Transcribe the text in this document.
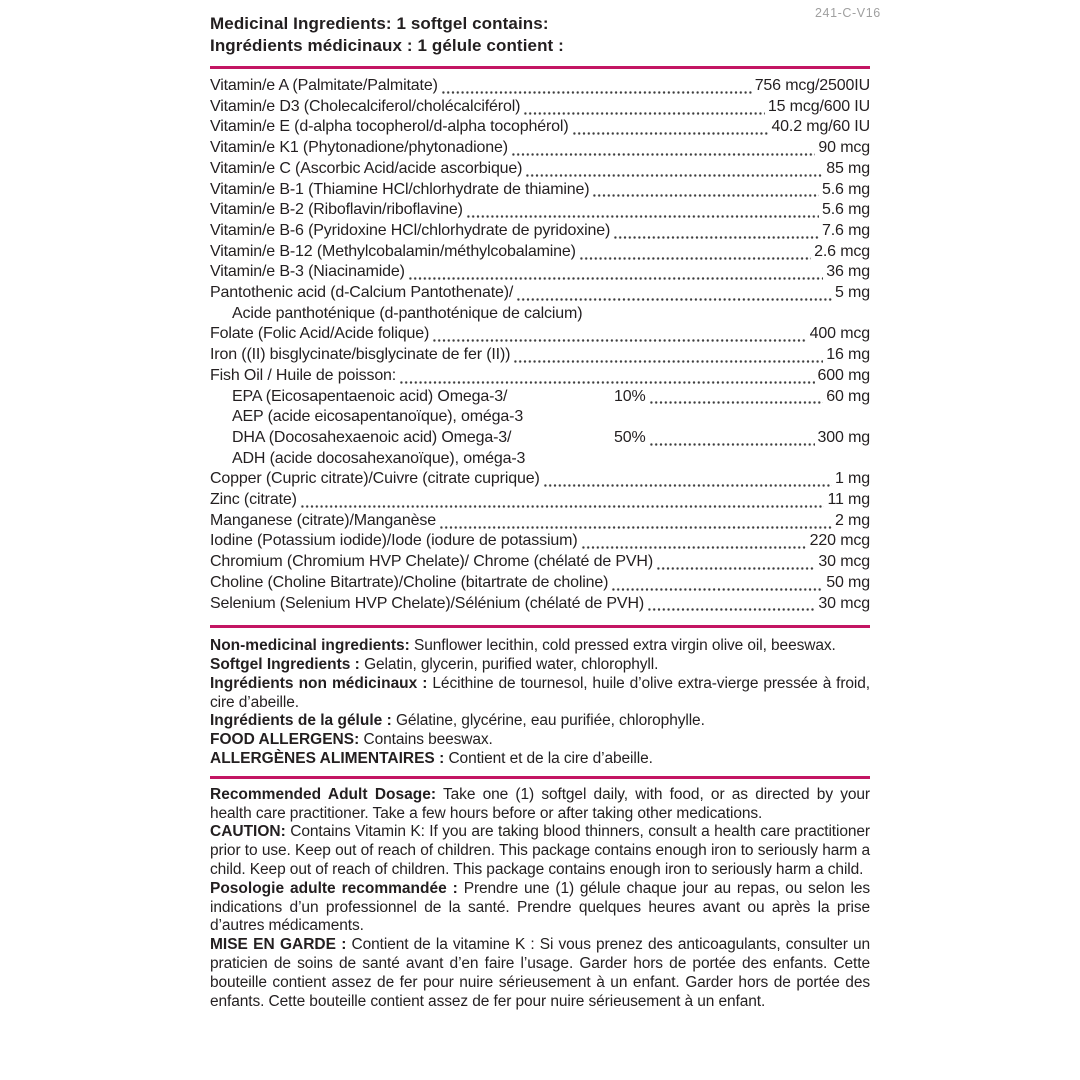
241-C-V16
Medicinal Ingredients: 1 softgel contains:
Ingrédients médicinaux : 1 gélule contient :
Vitamin/e A (Palmitate/Palmitate)	756 mcg/2500IU
Vitamin/e D3 (Cholecalciferol/cholécalciférol)	15 mcg/600 IU
Vitamin/e E (d-alpha tocopherol/d-alpha tocophérol)	40.2 mg/60 IU
Vitamin/e K1 (Phytonadione/phytonadione)	90 mcg
Vitamin/e C (Ascorbic Acid/acide ascorbique)	85 mg
Vitamin/e B-1 (Thiamine HCl/chlorhydrate de thiamine)	5.6 mg
Vitamin/e B-2 (Riboflavin/riboflavine)	5.6 mg
Vitamin/e B-6 (Pyridoxine HCl/chlorhydrate de pyridoxine)	7.6 mg
Vitamin/e B-12 (Methylcobalamin/méthylcobalamine)	2.6 mcg
Vitamin/e B-3 (Niacinamide)	36 mg
Pantothenic acid (d-Calcium Pantothenate)/	5 mg
Acide panthoténique (d-panthoténique de calcium)
Folate (Folic Acid/Acide folique)	400 mcg
Iron ((II) bisglycinate/bisglycinate de fer (II))	16 mg
Fish Oil / Huile de poisson:	600 mg
EPA (Eicosapentaenoic acid) Omega-3/	10%	60 mg
AEP (acide eicosapentanoïque), oméga-3
DHA (Docosahexaenoic acid) Omega-3/	50%	300 mg
ADH (acide docosahexanoïque), oméga-3
Copper (Cupric citrate)/Cuivre (citrate cuprique)	1 mg
Zinc (citrate)	11 mg
Manganese (citrate)/Manganèse	2 mg
Iodine (Potassium iodide)/Iode (iodure de potassium)	220 mcg
Chromium (Chromium HVP Chelate)/ Chrome (chélaté de PVH)	30 mcg
Choline (Choline Bitartrate)/Choline (bitartrate de choline)	50 mg
Selenium (Selenium HVP Chelate)/Sélénium (chélaté de PVH)	30 mcg

Non-medicinal ingredients: Sunflower lecithin, cold pressed extra virgin olive oil, beeswax.

Softgel Ingredients : Gelatin, glycerin, purified water, chlorophyll.

Ingrédients non médicinaux : Lécithine de tournesol, huile d’olive extra-vierge pressée à froid, cire d’abeille.

Ingrédients de la gélule : Gélatine, glycérine, eau purifiée, chlorophylle.

FOOD ALLERGENS: Contains beeswax.

ALLERGÈNES ALIMENTAIRES : Contient et de la cire d’abeille.

Recommended Adult Dosage: Take one (1) softgel daily, with food, or as directed by your health care practitioner. Take a few hours before or after taking other medications.

CAUTION: Contains Vitamin K: If you are taking blood thinners, consult a health care practitioner prior to use. Keep out of reach of children. This package contains enough iron to seriously harm a child. Keep out of reach of children. This package contains enough iron to seriously harm a child.

Posologie adulte recommandée : Prendre une (1) gélule chaque jour au repas, ou selon les indications d’un professionnel de la santé. Prendre quelques heures avant ou après la prise d’autres médicaments.

MISE EN GARDE : Contient de la vitamine K : Si vous prenez des anticoagulants, consulter un praticien de soins de santé avant d’en faire l’usage. Garder hors de portée des enfants. Cette bouteille contient assez de fer pour nuire sérieusement à un enfant. Garder hors de portée des enfants. Cette bouteille contient assez de fer pour nuire sérieusement à un enfant.
